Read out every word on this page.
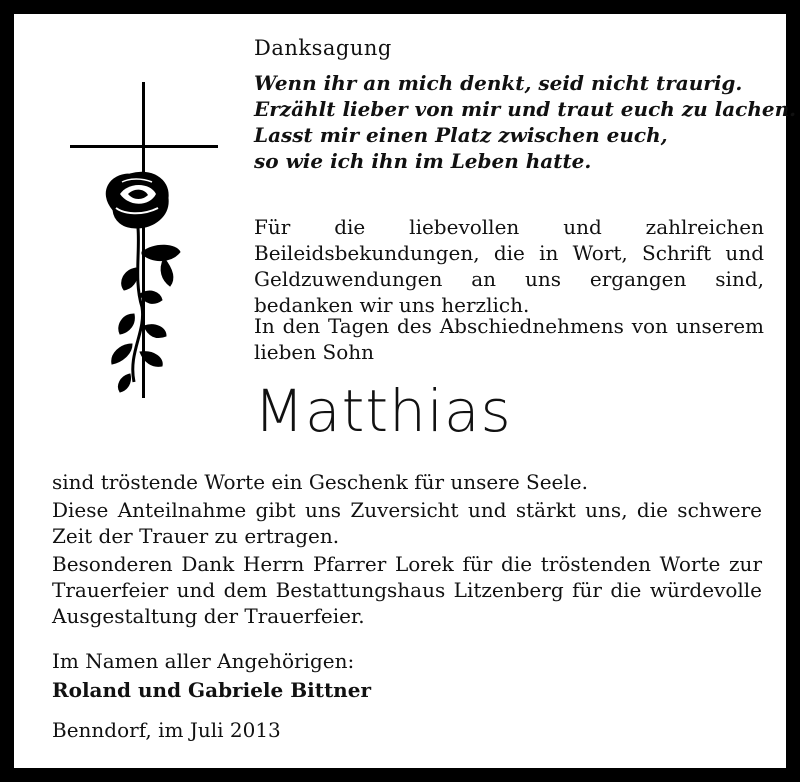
Danksagung
Wenn ihr an mich denkt, seid nicht traurig.
Erzählt lieber von mir und traut euch zu lachen.
Lasst mir einen Platz zwischen euch,
so wie ich ihn im Leben hatte.
Für die liebevollen und zahlreichen Beileidsbekundungen, die in Wort, Schrift und Geldzuwendungen an uns ergangen sind, bedanken wir uns herzlich.
In den Tagen des Abschiednehmens von unserem lieben Sohn
Matthias
sind tröstende Worte ein Geschenk für unsere Seele.
Diese Anteilnahme gibt uns Zuversicht und stärkt uns, die schwere Zeit der Trauer zu ertragen.
Besonderen Dank Herrn Pfarrer Lorek für die tröstenden Worte zur Trauerfeier und dem Bestattungshaus Litzenberg für die würdevolle Ausgestaltung der Trauerfeier.
Im Namen aller Angehörigen:
Roland und Gabriele Bittner
Benndorf, im Juli 2013
